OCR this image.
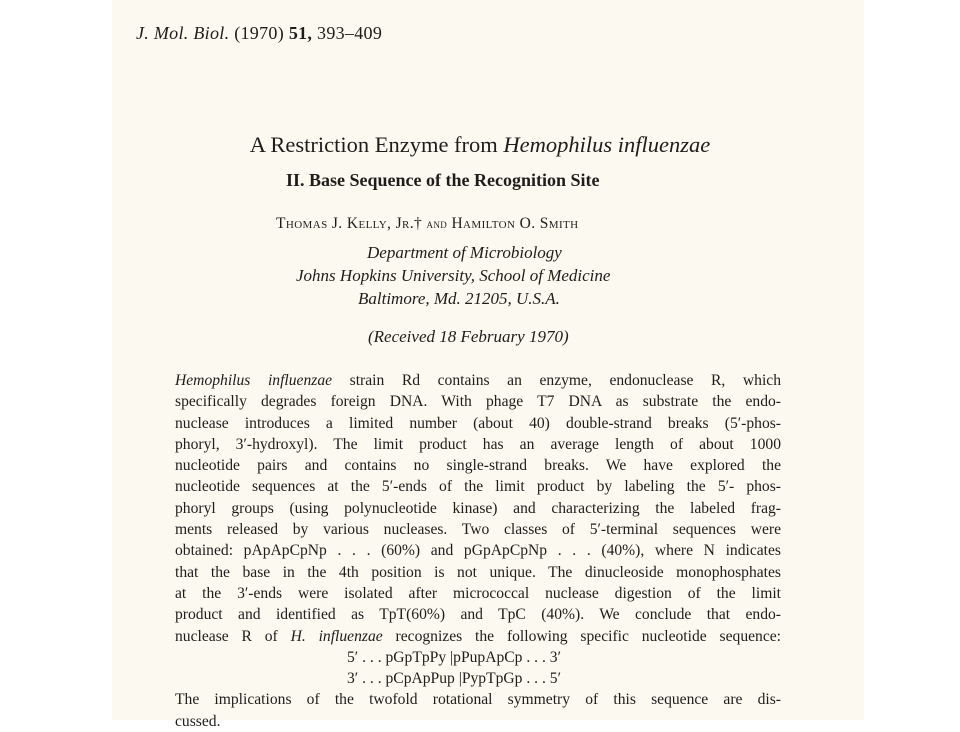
J. Mol. Biol. (1970) 51, 393–409
A Restriction Enzyme from Hemophilus influenzae
II. Base Sequence of the Recognition Site
Thomas J. Kelly, Jr.† and Hamilton O. Smith
Department of Microbiology
Johns Hopkins University, School of Medicine
Baltimore, Md. 21205, U.S.A.
(Received 18 February 1970)
Hemophilus influenzae strain Rd contains an enzyme, endonuclease R, which
specifically degrades foreign DNA. With phage T7 DNA as substrate the endo-
nuclease introduces a limited number (about 40) double-strand breaks (5′-phos-
phoryl, 3′-hydroxyl). The limit product has an average length of about 1000
nucleotide pairs and contains no single-strand breaks. We have explored the
nucleotide sequences at the 5′-ends of the limit product by labeling the 5′- phos-
phoryl groups (using polynucleotide kinase) and characterizing the labeled frag-
ments released by various nucleases. Two classes of 5′-terminal sequences were
obtained: pApApCpNp . . . (60%) and pGpApCpNp . . . (40%), where N indicates
that the base in the 4th position is not unique. The dinucleoside monophosphates
at the 3′-ends were isolated after micrococcal nuclease digestion of the limit
product and identified as TpT(60%) and TpC (40%). We conclude that endo-
nuclease R of H. influenzae recognizes the following specific nucleotide sequence:
5′ . . . pGpTpPy |pPupApCp . . . 3′
3′ . . . pCpApPup |PypTpGp . . . 5′
The implications of the twofold rotational symmetry of this sequence are dis-
cussed.
